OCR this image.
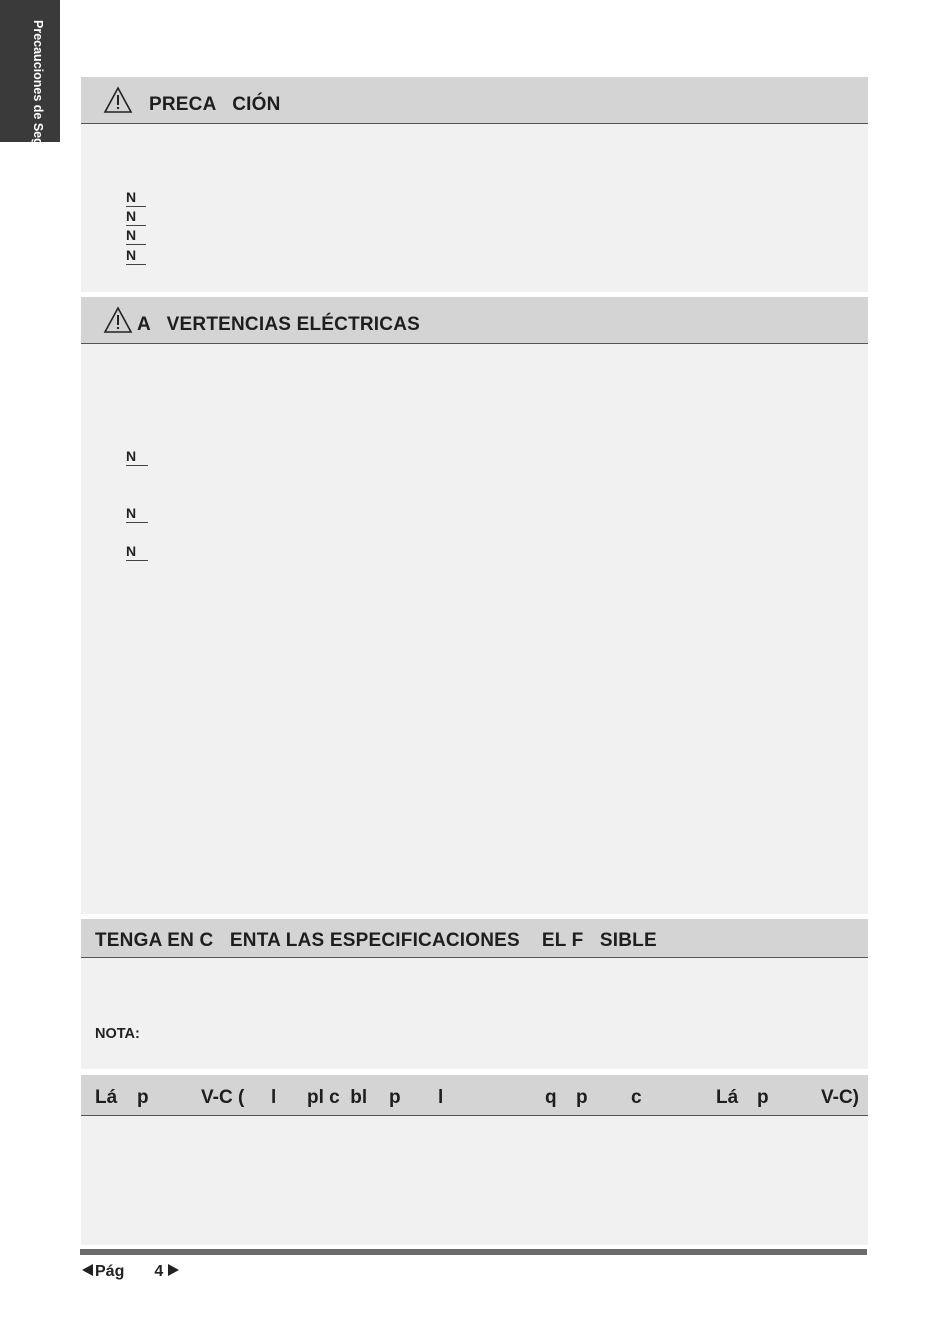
Precauciones de Seguridad	PRECA   CIÓN
N
N
N
N
A   VERTENCIAS ELÉCTRICAS
N
N
N
TENGA EN C   ENTA LAS ESPECIFICACIONES    EL F   SIBLE
NOTA:
Lá p	V-C ( l pl c  bl p l	q p c	Lá p	V-C)
Pág 4
